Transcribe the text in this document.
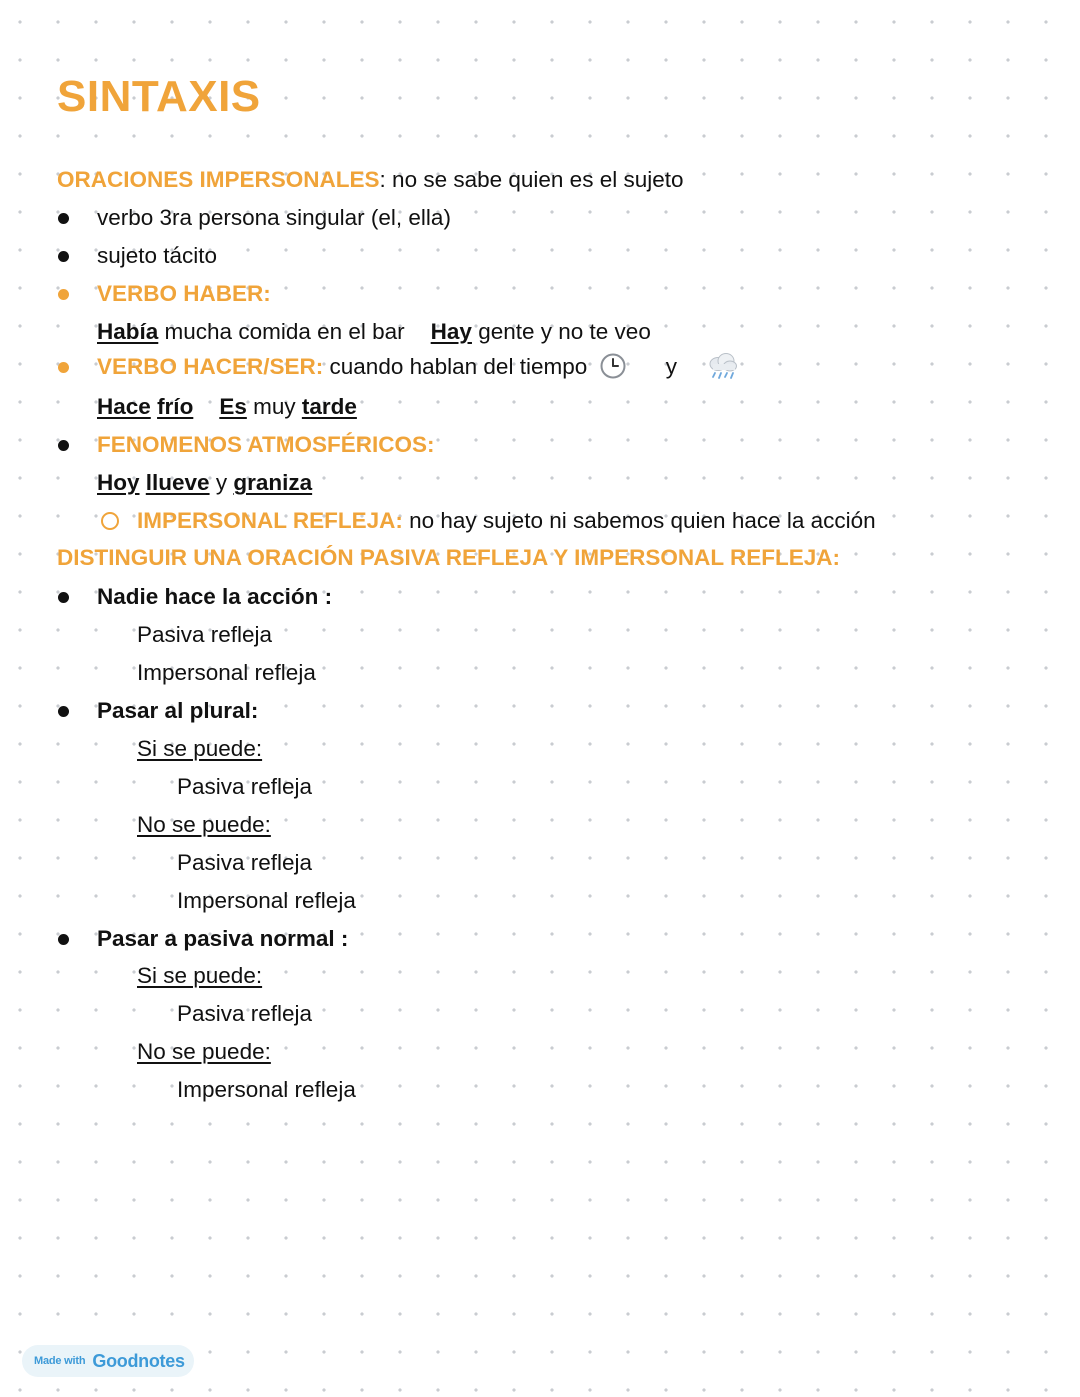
SINTAXIS
ORACIONES IMPERSONALES: no se sabe quien es el sujeto
verbo 3ra persona singular (el, ella)
sujeto tácito
VERBO HABER:
Había mucha comida en el bar Hay gente y no te veo
VERBO HACER/SER: cuando hablan del tiempo	y
Hace frío Es muy tarde
FENOMENOS ATMOSFÉRICOS:
Hoy llueve y graniza
IMPERSONAL REFLEJA: no hay sujeto ni sabemos quien hace la acción
DISTINGUIR UNA ORACIÓN PASIVA REFLEJA Y IMPERSONAL REFLEJA:
Nadie hace la acción :
Pasiva refleja
Impersonal refleja
Pasar al plural:
Si se puede:
Pasiva refleja
No se puede:
Pasiva refleja
Impersonal refleja
Pasar a pasiva normal :
Si se puede:
Pasiva refleja
No se puede:
Impersonal refleja
Made with Goodnotes
